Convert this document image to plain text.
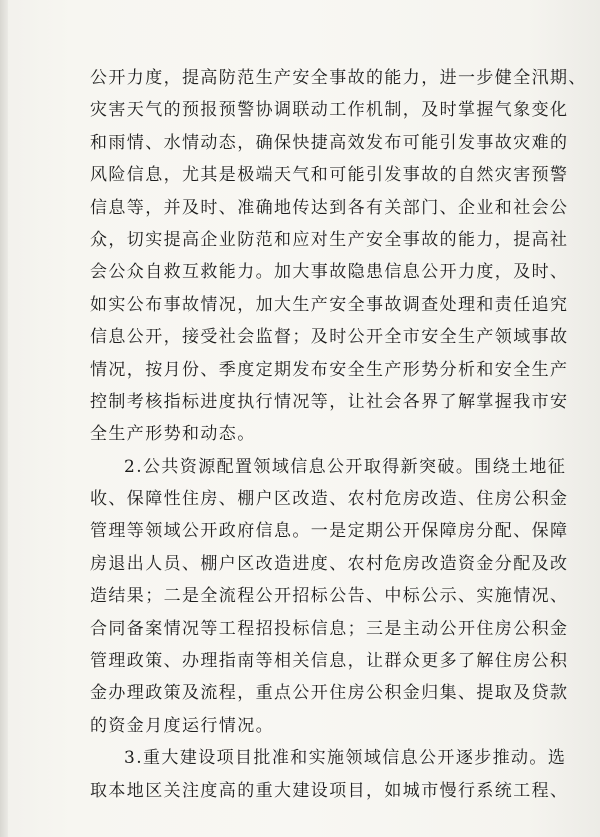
公开力度，提高防范生产安全事故的能力，进一步健全汛期、
灾害天气的预报预警协调联动工作机制，及时掌握气象变化
和雨情、水情动态，确保快捷高效发布可能引发事故灾难的
风险信息，尤其是极端天气和可能引发事故的自然灾害预警
信息等，并及时、准确地传达到各有关部门、企业和社会公
众，切实提高企业防范和应对生产安全事故的能力，提高社
会公众自救互救能力。加大事故隐患信息公开力度，及时、
如实公布事故情况，加大生产安全事故调查处理和责任追究
信息公开，接受社会监督；及时公开全市安全生产领域事故
情况，按月份、季度定期发布安全生产形势分析和安全生产
控制考核指标进度执行情况等，让社会各界了解掌握我市安
全生产形势和动态。
2.公共资源配置领域信息公开取得新突破。围绕土地征
收、保障性住房、棚户区改造、农村危房改造、住房公积金
管理等领域公开政府信息。一是定期公开保障房分配、保障
房退出人员、棚户区改造进度、农村危房改造资金分配及改
造结果；二是全流程公开招标公告、中标公示、实施情况、
合同备案情况等工程招投标信息；三是主动公开住房公积金
管理政策、办理指南等相关信息，让群众更多了解住房公积
金办理政策及流程，重点公开住房公积金归集、提取及贷款
的资金月度运行情况。
3.重大建设项目批准和实施领域信息公开逐步推动。选
取本地区关注度高的重大建设项目，如城市慢行系统工程、
